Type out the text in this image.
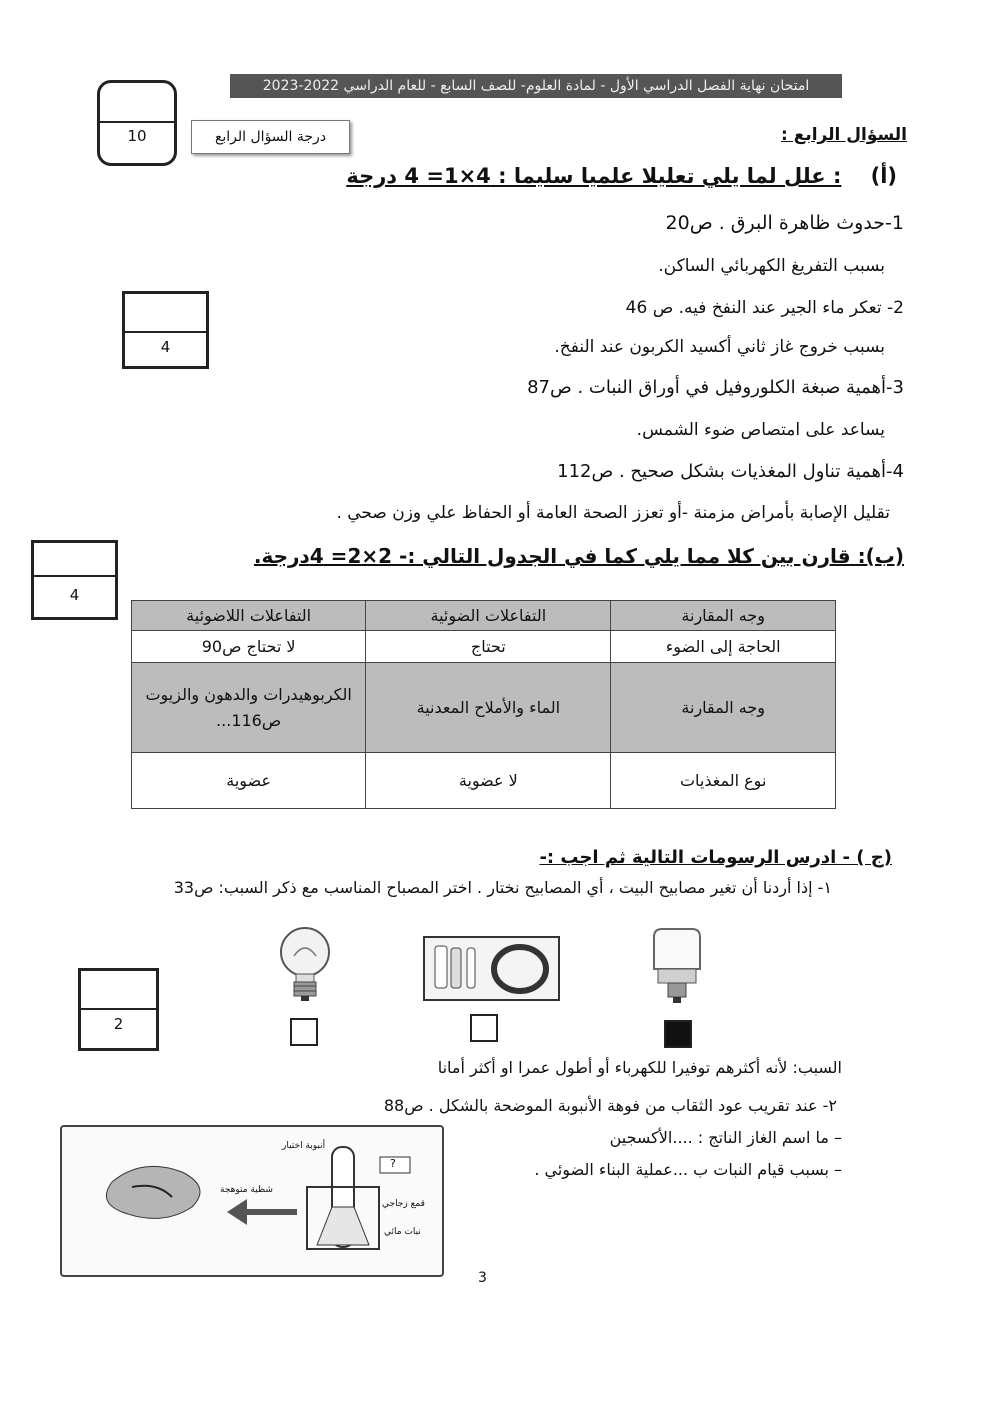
امتحان نهاية الفصل الدراسي الأول - لمادة العلوم- للصف السابع - للعام الدراسي 2022-2023
10	درجة السؤال الرابع	السؤال الرابع :
(أ)    : علل لما يلي تعليلا علميا سليما : 4×1= 4 درجة
4
1-حدوث ظاهرة البرق . ص20
بسبب التفريغ الكهربائي الساكن.
2- تعكر ماء الجير عند النفخ فيه. ص 46
بسبب خروج غاز ثاني أكسيد الكربون عند النفخ.
3-أهمية صبغة الكلوروفيل في أوراق النبات . ص87
يساعد على امتصاص ضوء الشمس.
4-أهمية تناول المغذيات بشكل صحيح . ص112
تقليل الإصابة بأمراض مزمنة -أو تعزز الصحة العامة أو الحفاظ علي وزن صحي .
4
(ب): قارن بين كلا مما يلي كما في الجدول التالي :- 2×2= 4درجة.
وجه المقارنة	التفاعلات الضوئية	التفاعلات اللاضوئية
الحاجة إلى الضوء	تحتاج	لا تحتاج ص90
وجه المقارنة	الماء والأملاح المعدنية	الكربوهيدرات والدهون والزيوت ص116...
نوع المغذيات	لا عضوية	عضوية
(ج ) - ادرس الرسومات التالية ثم اجب :-
١- إذا أردنا أن تغير مصابيح البيت ، أي المصابيح نختار . اختر المصباح المناسب مع ذكر السبب: ص33
2
السبب: لأنه أكثرهم توفيرا للكهرباء أو أطول عمرا او أكثر أمانا
٢- عند تقريب عود الثقاب من فوهة الأنبوبة الموضحة بالشكل . ص88
– ما اسم الغاز الناتج : ....الأكسجين
– بسبب قيام النبات ب ...عملية البناء الضوئي .
?
أنبوبة اختبار
قمع زجاجي
نبات مائي
شظية متوهجة
3
